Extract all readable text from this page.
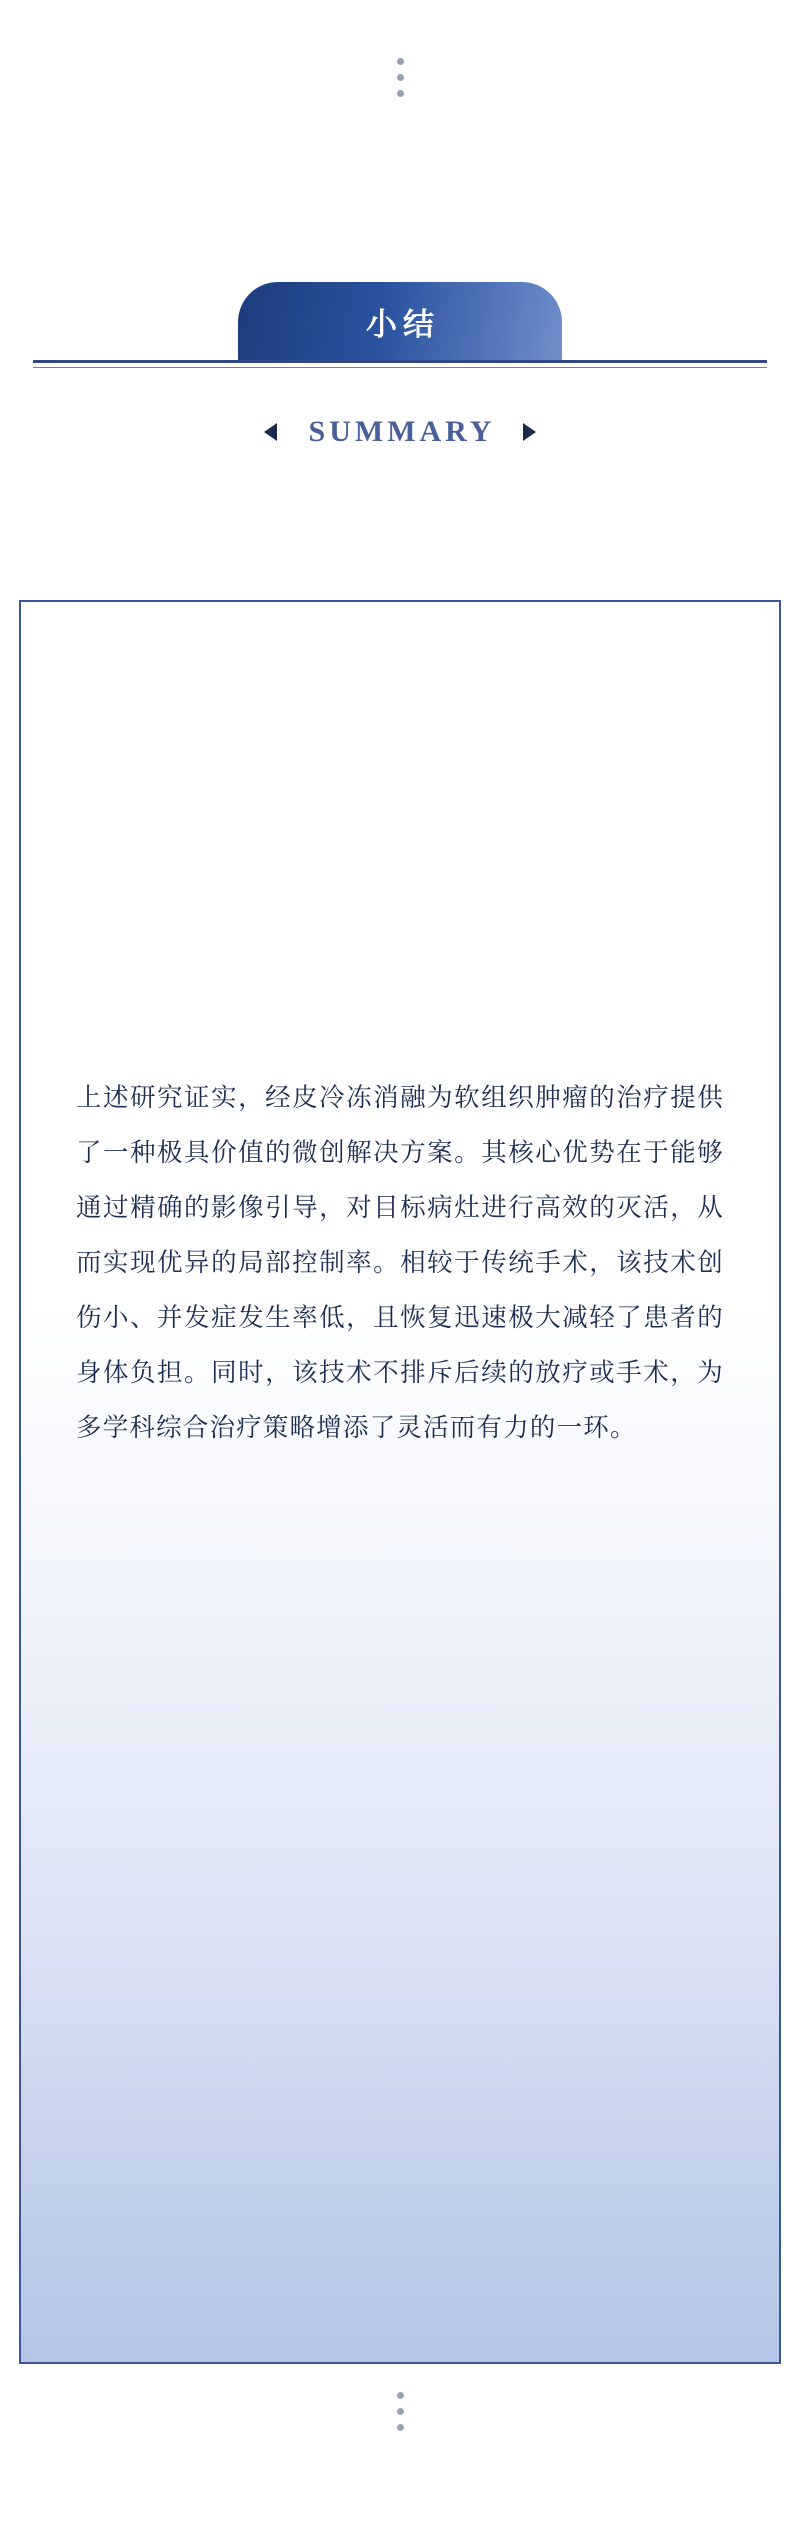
小结
SUMMARY

上述研究证实，经皮冷冻消融为软组织肿瘤的治疗提供了一种极具价值的微创解决方案。其核心优势在于能够通过精确的影像引导，对目标病灶进行高效的灭活，从而实现优异的局部控制率。相较于传统手术，该技术创伤小、并发症发生率低，且恢复迅速极大减轻了患者的身体负担。同时，该技术不排斥后续的放疗或手术，为多学科综合治疗策略增添了灵活而有力的一环。
